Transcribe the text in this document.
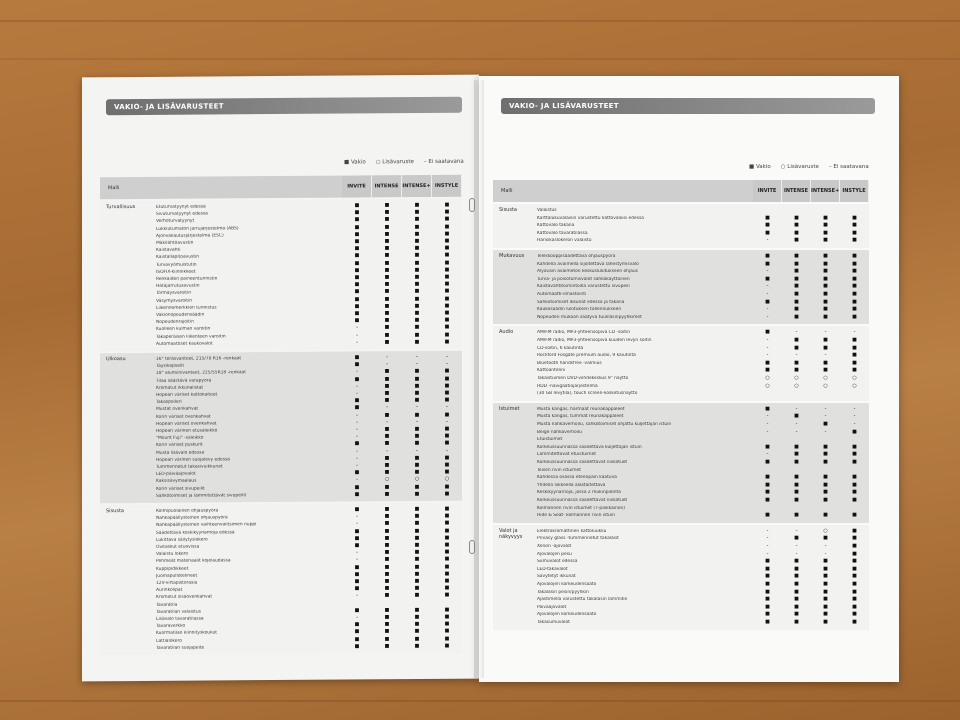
VAKIO- JA LISÄVARUSTEET
■ Vakio ○ Lisävaruste – Ei saatavana
Malli	INVITE	INTENSE INTENSE+ INSTYLE
Turvallisuus	Etuturvatyynyt edessä	■	■	■	■
Sivuturvatyynyt edessä	■	■	■	■
Verhoturvatyynyt	■	■	■	■
Lukkiutumaton jarrujärjestelmä (ABS)	■	■	■	■
Ajonvakautusjärjestelmä (ESC)	■	■	■	■
Mäkilähtöavustin	■	■	■	■
Kaistavahti	■	■	■	■
Kaistallapitoavustin	■	■	■	■
Turvavyömuistutin	■	■	■	■
ISOFIX-kiinnikkeet	■	■	■	■
Renkaiden paineentunnistin	■	■	■	■
Hätäjarrutusavustin	■	■	■	■
Törmäysvaroitin	■	■	■	■
Väsymysvaroitin	■	■	■	■
Liikennemerkkien tunnistus	■	■	■	■
Vakionopeudensäädin	■	■	■	■
Nopeudenrajoitin	■	■	■	■
Kuolleen kulman varoitin	-	■	■	■
Takaperäisen liikenteen varoitin	-	■	■	■
Automaattiset kaukovalot	-	■	■	■
Ulkoasu	16" teräsvanteet, 215/70 R16 -renkaat	■	-	-	-
Täysikapselit	■	-	-	-
18" alumiinivanteet, 225/55R18 -renkaat	-	■	■	■
Tilaa säästävä varapyörä	■	■	■	■
Kromatut ikkunalistat	-	■	■	■
Hopean väriset kattokaiteet	-	■	■	■
Takaspoileri	■	■	■	■
Mustat ovenkahvat	■	-	-	-
Korin väriset ovenkahvat	-	■	■	■
Hopean väriset ovenkahvat	-	-	-	-
Hopean värinen etusäleikkö	-	■	■	■
"Mount Fuji" -säleikkö	-	■	■	■
Korin väriset puskurit	■	■	■	■
Musta lisävalo edessä	-	-	-	-
Hopean värinen suojalevy edessä	-	■	■	■
Tummennetut takasivuikkunat	-	■	■	■
LED-päiväajovalot	■	■	■	■
Kaksisävymaalaus	-	○	○	○
Korin väriset sivupeilit	■	■	■	■
Sähkötoimiset ja lämmitettävät sivupeilit	■	■	■	■
Sisusta	Kolmipuolainen ohjauspyörä	■	■	■	■
Nahkapäällysteinen ohjauspyörä	-	■	■	■
Nahkapäällysteinen vaihteenvalitsimen nuppi	-	■	■	■
Säädettävä keskikyynärnoja edessä	■	■	■	■
Lukittava säilytyslokero	■	■	■	■
Ovitaskut etuovissa	■	■	■	■
Valaistu lokero	-	■	■	■
Pehmeät materiaalit kojelaudassa	-	■	■	■
Kuppipidikkeet	■	■	■	■
Juomapullotelineet	■	■	■	■
12V-virtapistorasia	■	■	■	■
Aurinkolipat	■	■	■	■
Kromatut sisäovenkahvat	-	■	■	■
Tavaratila
Tavaratilan valaistus	■	■	■	■
Lisävalo tavaratilassa	-	■	■	■
Tavaraverkko	■	■	■	■
Kuormatilan kiinnityskoukut	■	■	■	■
Lattialokero	■	■	■	■
Tavaratilan suojapeite	■	■	■	■
VAKIO- JA LISÄVARUSTEET
■ Vakio ○ Lisävaruste – Ei saatavana
Malli	INVITE	INTENSE INTENSE+ INSTYLE
Sisusta	Valaistus
Karttalukuvalaisin varustettu kattovaloisi edessä	■	■	■	■
Kattovalo takana	■	■	■	■
Kattovalo tavaratilassa	■	■	■	■
Hansikaslokeron valaistu	-	■	■	■
Mukavuus	Teleskooppisäädettävä ohjauspyörä	■	■	■	■
Kahdella avaimella sijoitettava lähestymisvalo	■	■	■	■
Älyavain avaimeton keskuslukitukseen ohjaus	-	■	■	■
Turva- ja poisotumisvalot sähkökäyttöinen	■	■	■	■
Kaistavahtitoimintoilla varustettu sivupeili	-	■	■	■
Automaatti-ilmastointi	-	■	■	■
Sähkötoimiset ikkunat edessä ja takana	■	■	■	■
Kaukosäädin lukituksen tallennukseen	-	■	■	■
Nopeuden mukaan säätyvä tuulilasinpyyhkimet	-	■	■	■
Audio	AM/FM radio, MP3-yhteensopiva CD -soitin	■	-	-	-
AM/FM radio, MP3-yhteensopiva kuuden levyn soitin	-	■	■	■
CD-soitin, 6 kaiutinta	-	■	■	■
Rockford Fosgate premium audio, 9 kaiutinta	-	-	-	■
Bluetooth handsfree -valmius	■	■	■	■
Kattoantenni	■	■	■	■
Takaistuimen DVD-viihdekeskus 9" näyttö	○	○	○	○
HDD -navigaatiojärjestelmä	○	○	○	○
(30 GB levytila), touch screen-kosketusnäyttö
Istuimet	Musta kangas, harmaat reunakappaleet	■	-	-	-
Musta kangas, tummat reunakappaleet	-	■	-	-
Musta nahkaverhoilu, sähkötoimiset ohjattu kuljettajan istuin	-	-	■	-
Beige nahkaverhoilu	-	-	-	■
Etuistuimet
Korkeussuunnassa säädettävä kuljettajan istuin	■	■	■	■
Lämmitettävät etuistuimet	-	■	■	■
Korkeussuunnassa säädettävät niskatuet	■	■	■	■
Toisen rivin istuimet
Kahdessa osassa eteenpäin kaatuva	■	■	■	■
Yhdellä liikkeellä alastaitettava	■	■	■	■
Keskikyynärnoja, jossa 2 mukinpidintä	■	■	■	■
Korkeussuunnassa säädettävät niskatuet	■	■	■	■
Kolmannen rivin istuimet (7-paikkainen)
Hide & Seat- kolmannen rivin istuin	■	■	■	■
Valot ja näkyvyys
Elektrokromattinen kattoluukku	-	-	○	■
Privacy glass -tummennetut takalasit	-	■	■	■
Xenon -ajovalot	-	-	-	■
Ajovalojen pesu	-	-	-	■
Sumuvalot edessä	■	■	■	■
LED-takavalot	■	■	■	■
Sävytetyt ikkunat	■	■	■	■
Ajovalojen korkeudensäätö	■	■	■	■
Takalasin pesin/pyyhkin	■	■	■	■
Ajastimella varustettu takalasin lämmitin	■	■	■	■
Päiväajovalot	■	■	■	■
Ajovalojen korkeudensäätö	■	■	■	■
Takasumuvalot	■	■	■	■
